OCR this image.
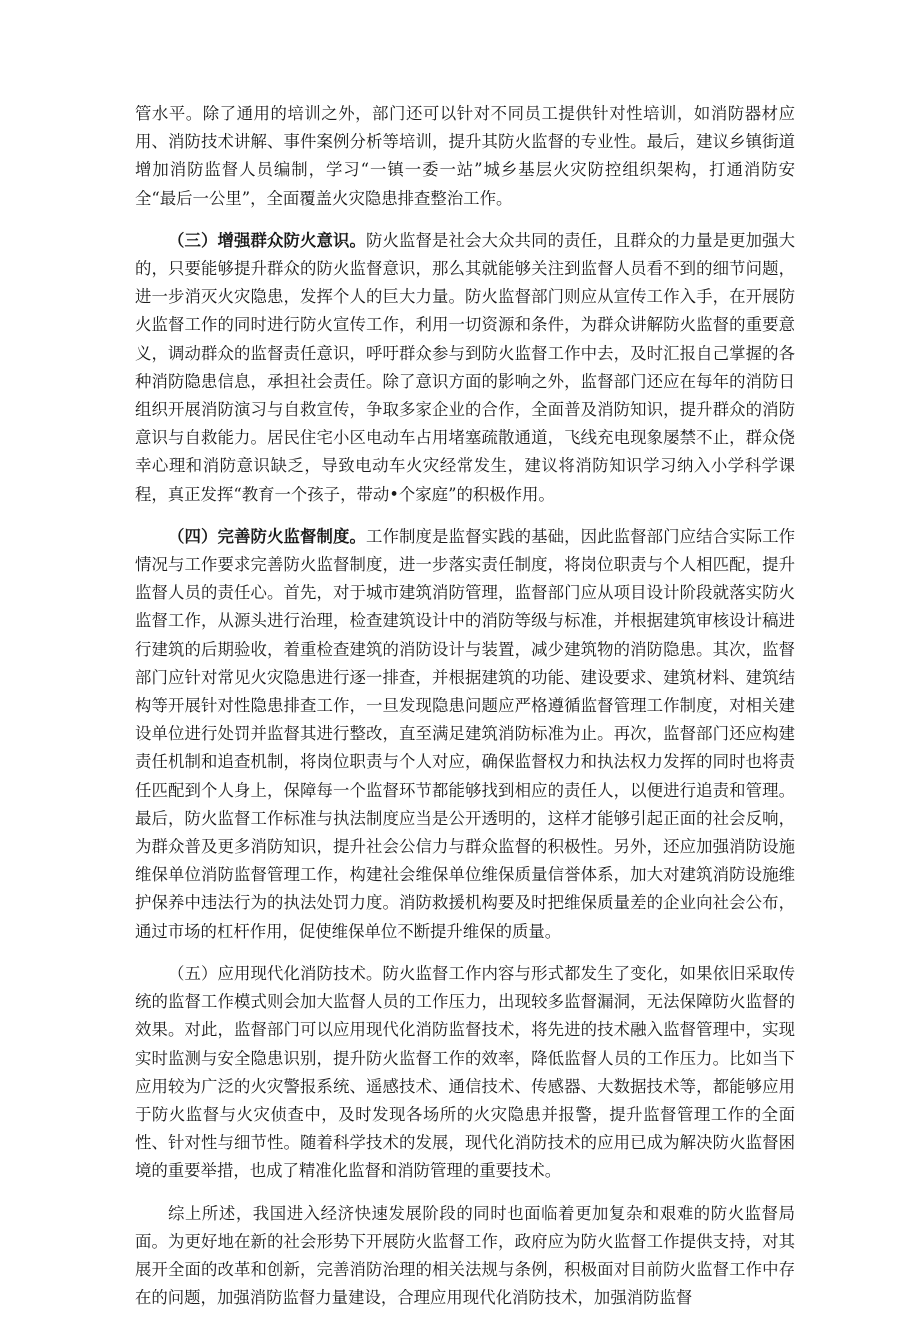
管水平。除了通用的培训之外，部门还可以针对不同员工提供针对性培训，如消防器材应用、消防技术讲解、事件案例分析等培训，提升其防火监督的专业性。最后，建议乡镇街道增加消防监督人员编制，学习“一镇一委一站”城乡基层火灾防控组织架构，打通消防安全“最后一公里”，全面覆盖火灾隐患排查整治工作。

（三）增强群众防火意识。防火监督是社会大众共同的责任，且群众的力量是更加强大的，只要能够提升群众的防火监督意识，那么其就能够关注到监督人员看不到的细节问题，进一步消灭火灾隐患，发挥个人的巨大力量。防火监督部门则应从宣传工作入手，在开展防火监督工作的同时进行防火宣传工作，利用一切资源和条件，为群众讲解防火监督的重要意义，调动群众的监督责任意识，呼吁群众参与到防火监督工作中去，及时汇报自己掌握的各种消防隐患信息，承担社会责任。除了意识方面的影响之外，监督部门还应在每年的消防日组织开展消防演习与自救宣传，争取多家企业的合作，全面普及消防知识，提升群众的消防意识与自救能力。居民住宅小区电动车占用堵塞疏散通道，飞线充电现象屡禁不止，群众侥幸心理和消防意识缺乏，导致电动车火灾经常发生，建议将消防知识学习纳入小学科学课程，真正发挥“教育一个孩子，带动•个家庭”的积极作用。

（四）完善防火监督制度。工作制度是监督实践的基础，因此监督部门应结合实际工作情况与工作要求完善防火监督制度，进一步落实责任制度，将岗位职责与个人相匹配，提升监督人员的责任心。首先，对于城市建筑消防管理，监督部门应从项目设计阶段就落实防火监督工作，从源头进行治理，检查建筑设计中的消防等级与标准，并根据建筑审核设计稿进行建筑的后期验收，着重检查建筑的消防设计与装置，减少建筑物的消防隐患。其次，监督部门应针对常见火灾隐患进行逐一排查，并根据建筑的功能、建设要求、建筑材料、建筑结构等开展针对性隐患排查工作，一旦发现隐患问题应严格遵循监督管理工作制度，对相关建设单位进行处罚并监督其进行整改，直至满足建筑消防标准为止。再次，监督部门还应构建责任机制和追查机制，将岗位职责与个人对应，确保监督权力和执法权力发挥的同时也将责任匹配到个人身上，保障每一个监督环节都能够找到相应的责任人，以便进行追责和管理。最后，防火监督工作标准与执法制度应当是公开透明的，这样才能够引起正面的社会反响，为群众普及更多消防知识，提升社会公信力与群众监督的积极性。另外，还应加强消防设施维保单位消防监督管理工作，构建社会维保单位维保质量信誉体系，加大对建筑消防设施维护保养中违法行为的执法处罚力度。消防救援机构要及时把维保质量差的企业向社会公布，通过市场的杠杆作用，促使维保单位不断提升维保的质量。

（五）应用现代化消防技术。防火监督工作内容与形式都发生了变化，如果依旧采取传统的监督工作模式则会加大监督人员的工作压力，出现较多监督漏洞，无法保障防火监督的效果。对此，监督部门可以应用现代化消防监督技术，将先进的技术融入监督管理中，实现实时监测与安全隐患识别，提升防火监督工作的效率，降低监督人员的工作压力。比如当下应用较为广泛的火灾警报系统、遥感技术、通信技术、传感器、大数据技术等，都能够应用于防火监督与火灾侦查中，及时发现各场所的火灾隐患并报警，提升监督管理工作的全面性、针对性与细节性。随着科学技术的发展，现代化消防技术的应用已成为解决防火监督困境的重要举措，也成了精准化监督和消防管理的重要技术。

综上所述，我国进入经济快速发展阶段的同时也面临着更加复杂和艰难的防火监督局面。为更好地在新的社会形势下开展防火监督工作，政府应为防火监督工作提供支持，对其展开全面的改革和创新，完善消防治理的相关法规与条例，积极面对目前防火监督工作中存在的问题，加强消防监督力量建设，合理应用现代化消防技术，加强消防监督
